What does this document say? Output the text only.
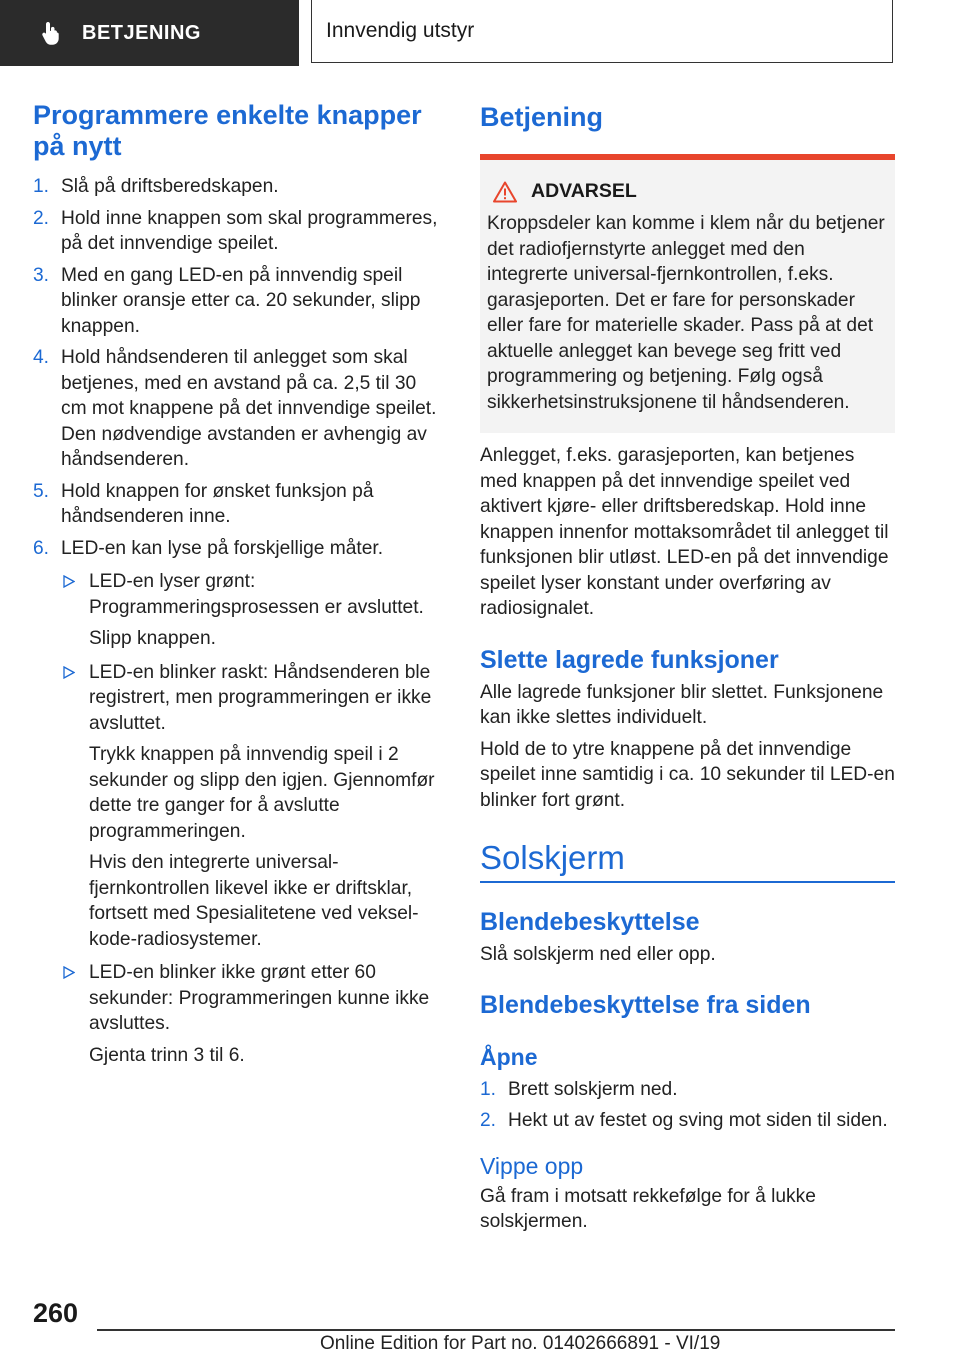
BETJENING	Innvendig utstyr
Programmere enkelte knapper på nytt
1. Slå på driftsberedskapen.
2. Hold inne knappen som skal programmeres, på det innvendige speilet.
3. Med en gang LED-en på innvendig speil blinker oransje etter ca. 20 sekunder, slipp knappen.
4. Hold håndsenderen til anlegget som skal betjenes, med en avstand på ca. 2,5 til 30 cm mot knappene på det innvendige speilet. Den nødvendige avstanden er avhengig av håndsenderen.
5. Hold knappen for ønsket funksjon på håndsenderen inne.
6. LED-en kan lyse på forskjellige måter.
LED-en lyser grønt: Programmeringsprosessen er avsluttet.

Slipp knappen.

LED-en blinker raskt: Håndsenderen ble registrert, men programmeringen er ikke avsluttet.

Trykk knappen på innvendig speil i 2 sekunder og slipp den igjen. Gjennomfør dette tre ganger for å avslutte programmeringen.

Hvis den integrerte universal-fjernkontrollen likevel ikke er driftsklar, fortsett med Spesialitetene ved veksel-kode-radiosystemer.

LED-en blinker ikke grønt etter 60 sekunder: Programmeringen kunne ikke avsluttes.

Gjenta trinn 3 til 6.

Betjening
ADVARSEL
Kroppsdeler kan komme i klem når du betjener det radiofjernstyrte anlegget med den integrerte universal-fjernkontrollen, f.eks. garasjeporten. Det er fare for personskader eller fare for materielle skader. Pass på at det aktuelle anlegget kan bevege seg fritt ved programmering og betjening. Følg også sikkerhetsinstruksjonene til håndsenderen.

Anlegget, f.eks. garasjeporten, kan betjenes med knappen på det innvendige speilet ved aktivert kjøre- eller driftsberedskap. Hold inne knappen innenfor mottaksområdet til anlegget til funksjonen blir utløst. LED-en på det innvendige speilet lyser konstant under overføring av radiosignalet.

Slette lagrede funksjoner

Alle lagrede funksjoner blir slettet. Funksjonene kan ikke slettes individuelt.

Hold de to ytre knappene på det innvendige speilet inne samtidig i ca. 10 sekunder til LED-en blinker fort grønt.

Solskjerm
Blendebeskyttelse

Slå solskjerm ned eller opp.

Blendebeskyttelse fra siden
Åpne
1. Brett solskjerm ned.
2. Hekt ut av festet og sving mot siden til siden.
Vippe opp

Gå fram i motsatt rekkefølge for å lukke solskjermen.

260
Online Edition for Part no. 01402666891 - VI/19
